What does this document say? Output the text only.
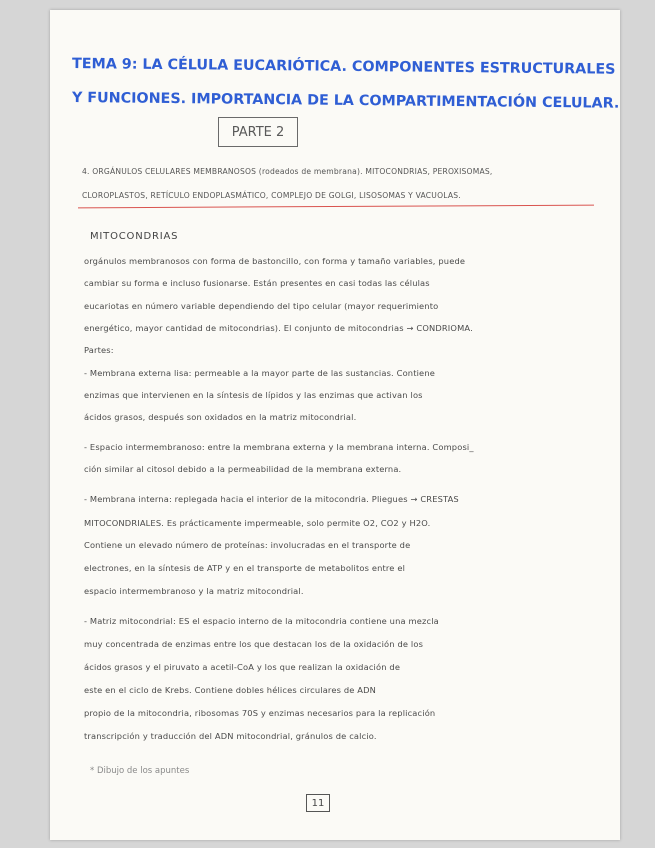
TEMA 9: LA CÉLULA EUCARIÓTICA. COMPONENTES ESTRUCTURALES
Y FUNCIONES. IMPORTANCIA DE LA COMPARTIMENTACIÓN CELULAR.
PARTE 2
4. ORGÁNULOS CELULARES MEMBRANOSOS (rodeados de membrana). MITOCONDRIAS, PEROXISOMAS,
CLOROPLASTOS, RETÍCULO ENDOPLASMÁTICO, COMPLEJO DE GOLGI, LISOSOMAS Y VACUOLAS.
MITOCONDRIAS
orgánulos membranosos con forma de bastoncillo, con forma y tamaño variables, puede
cambiar su forma e incluso fusionarse. Están presentes en casi todas las células
eucariotas en número variable dependiendo del tipo celular (mayor requerimiento
energético, mayor cantidad de mitocondrias). El conjunto de mitocondrias → CONDRIOMA.
Partes:
- Membrana externa lisa: permeable a la mayor parte de las sustancias. Contiene
enzimas que intervienen en la síntesis de lípidos y las enzimas que activan los
ácidos grasos, después son oxidados en la matriz mitocondrial.
- Espacio intermembranoso: entre la membrana externa y la membrana interna. Composi_
ción similar al citosol debido a la permeabilidad de la membrana externa.
- Membrana interna: replegada hacia el interior de la mitocondria. Pliegues → CRESTAS
MITOCONDRIALES. Es prácticamente impermeable, solo permite O2, CO2 y H2O.
Contiene un elevado número de proteínas: involucradas en el transporte de
electrones, en la síntesis de ATP y en el transporte de metabolitos entre el
espacio intermembranoso y la matriz mitocondrial.
- Matriz mitocondrial: ES el espacio interno de la mitocondria contiene una mezcla
muy concentrada de enzimas entre los que destacan los de la oxidación de los
ácidos grasos y el piruvato a acetil-CoA y los que realizan la oxidación de
este en el ciclo de Krebs. Contiene dobles hélices circulares de ADN
propio de la mitocondria, ribosomas 70S y enzimas necesarios para la replicación
transcripción y traducción del ADN mitocondrial, gránulos de calcio.
* Dibujo de los apuntes
11
